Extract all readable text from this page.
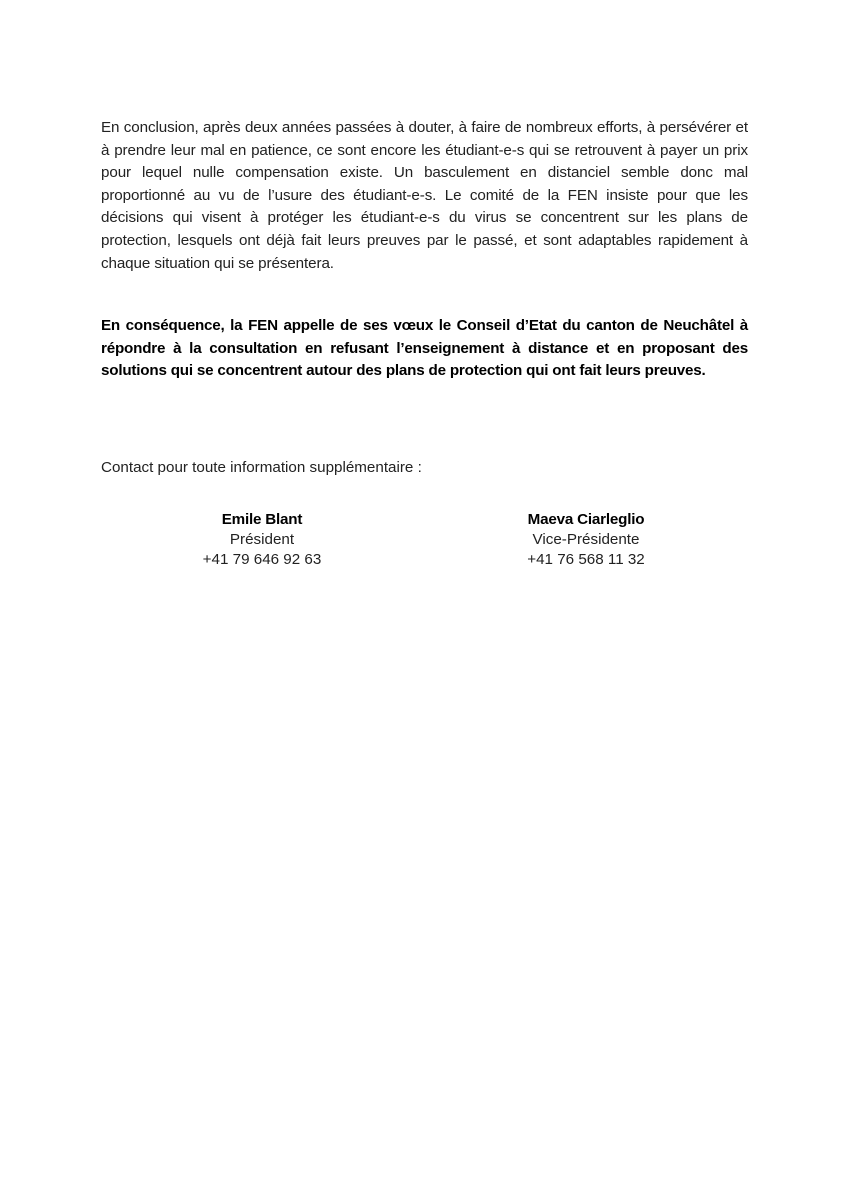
En conclusion, après deux années passées à douter, à faire de nombreux efforts, à persévérer et à prendre leur mal en patience, ce sont encore les étudiant-e-s qui se retrouvent à payer un prix pour lequel nulle compensation existe. Un basculement en distanciel semble donc mal proportionné au vu de l’usure des étudiant-e-s. Le comité de la FEN insiste pour que les décisions qui visent à protéger les étudiant-e-s du virus se concentrent sur les plans de protection, lesquels ont déjà fait leurs preuves par le passé, et sont adaptables rapidement à chaque situation qui se présentera.

En conséquence, la FEN appelle de ses vœux le Conseil d’Etat du canton de Neuchâtel à répondre à la consultation en refusant l’enseignement à distance et en proposant des solutions qui se concentrent autour des plans de protection qui ont fait leurs preuves.

Contact pour toute information supplémentaire :

Emile Blant
Président
+41 79 646 92 63
Maeva Ciarleglio
Vice-Présidente
+41 76 568 11 32
